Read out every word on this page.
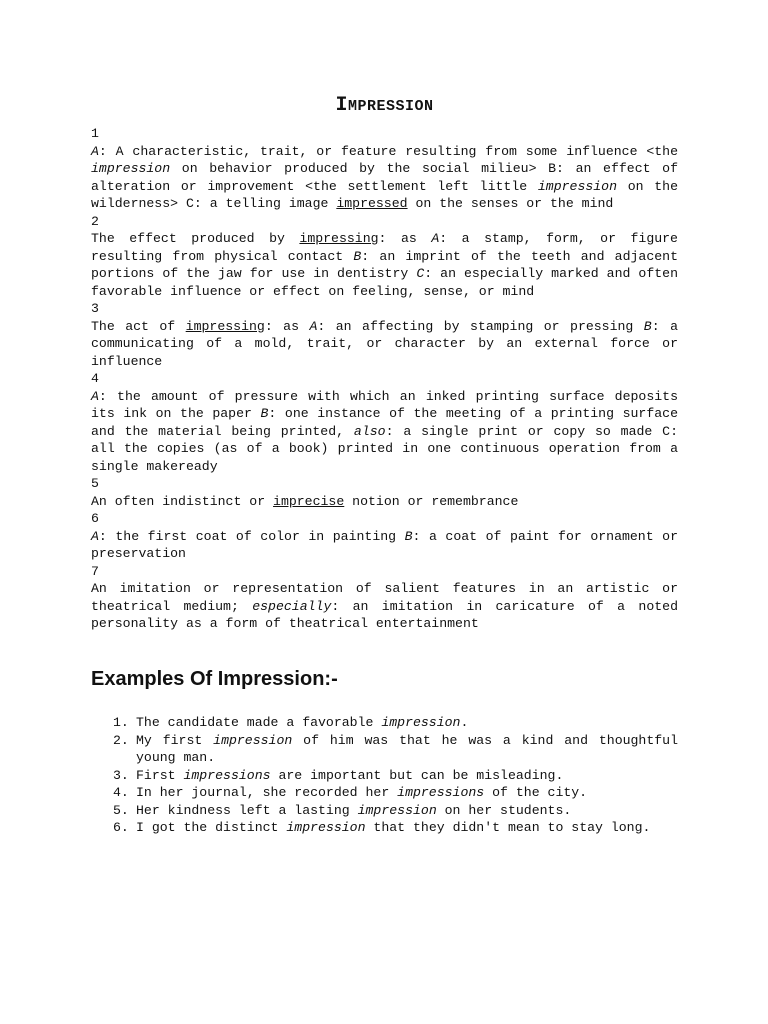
IMPRESSION
1

A: A characteristic, trait, or feature resulting from some influence <the impression on behavior produced by the social milieu> B: an effect of alteration or improvement <the settlement left little impression on the wilderness> C: a telling image impressed on the senses or the mind

2

The effect produced by impressing: as A: a stamp, form, or figure resulting from physical contact B: an imprint of the teeth and adjacent portions of the jaw for use in dentistry C: an especially marked and often favorable influence or effect on feeling, sense, or mind

3

The act of impressing: as A: an affecting by stamping or pressing B: a communicating of a mold, trait, or character by an external force or influence

4

A: the amount of pressure with which an inked printing surface deposits its ink on the paper B: one instance of the meeting of a printing surface and the material being printed, also: a single print or copy so made C: all the copies (as of a book) printed in one continuous operation from a single makeready

5

An often indistinct or imprecise notion or remembrance

6

A: the first coat of color in painting B: a coat of paint for ornament or preservation

7

An imitation or representation of salient features in an artistic or theatrical medium; especially: an imitation in caricature of a noted personality as a form of theatrical entertainment

Examples Of Impression:-
1. The candidate made a favorable impression.
2. My first impression of him was that he was a kind and thoughtful young man.
3. First impressions are important but can be misleading.
4. In her journal, she recorded her impressions of the city.
5. Her kindness left a lasting impression on her students.
6. I got the distinct impression that they didn't mean to stay long.
